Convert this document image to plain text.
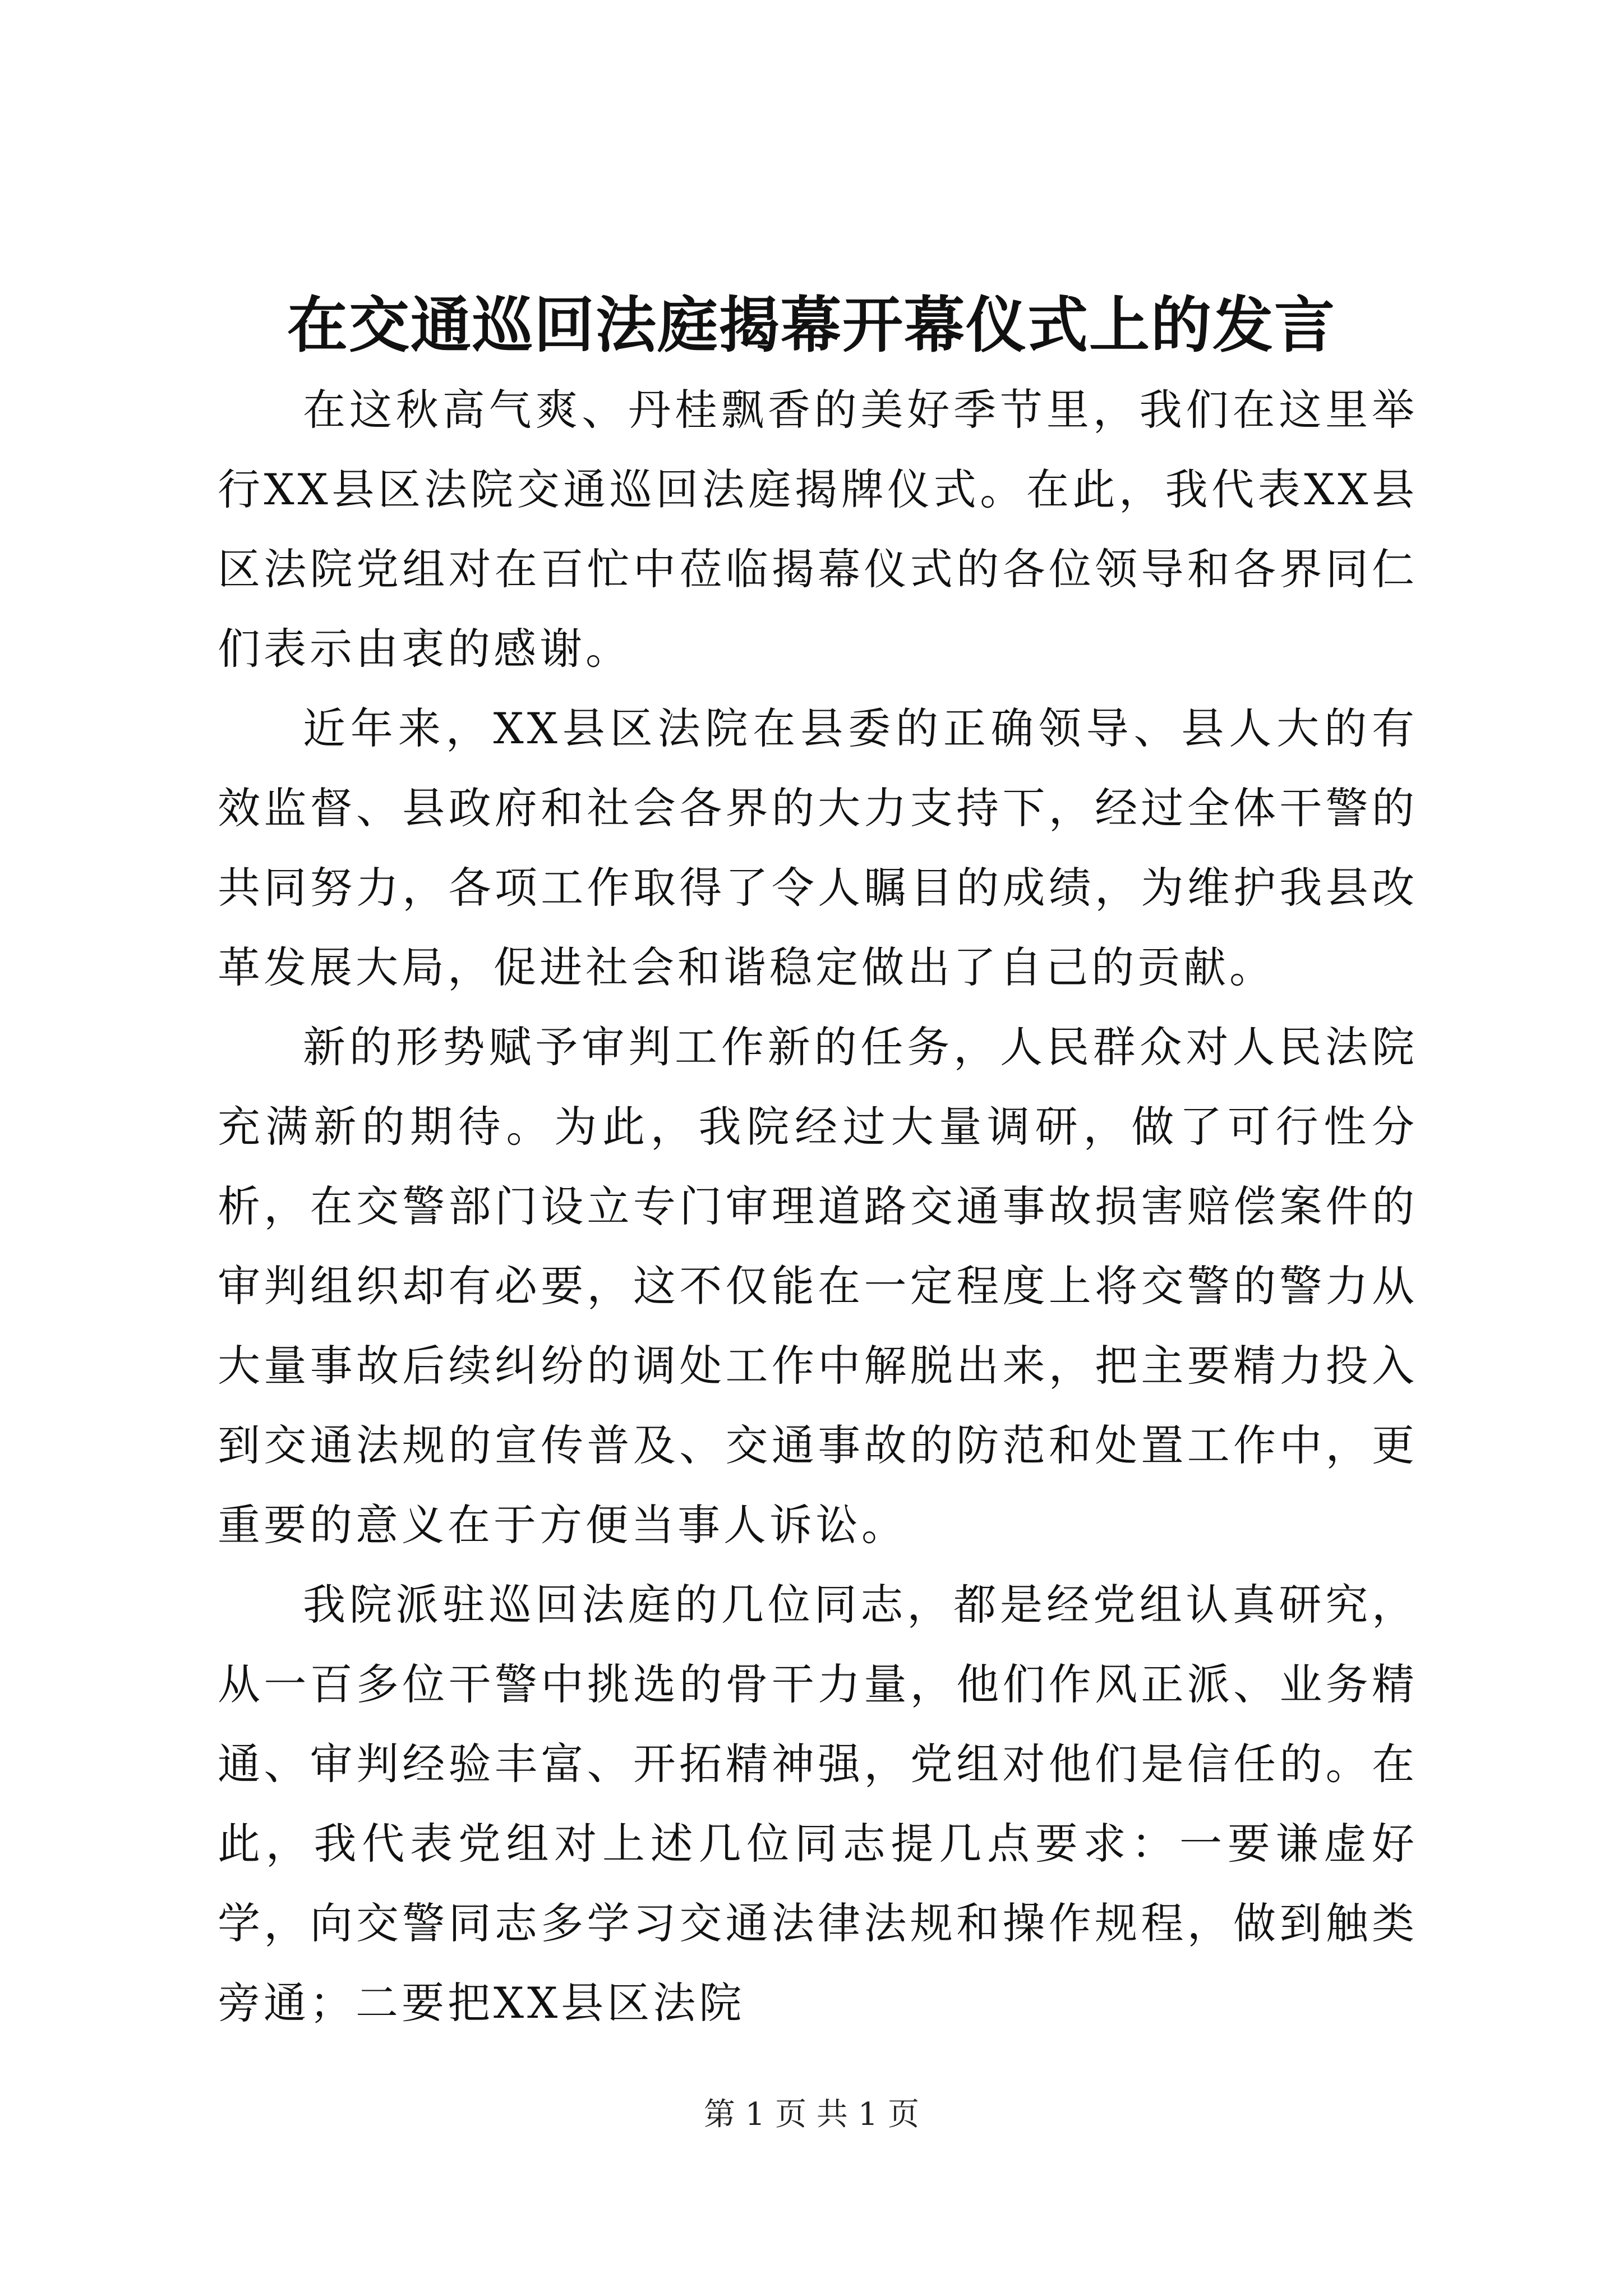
在交通巡回法庭揭幕开幕仪式上的发言

在这秋高气爽、丹桂飘香的美好季节里，我们在这里举行XX县区法院交通巡回法庭揭牌仪式。在此，我代表XX县区法院党组对在百忙中莅临揭幕仪式的各位领导和各界同仁们表示由衷的感谢。

近年来，XX县区法院在县委的正确领导、县人大的有效监督、县政府和社会各界的大力支持下，经过全体干警的共同努力，各项工作取得了令人瞩目的成绩，为维护我县改革发展大局，促进社会和谐稳定做出了自己的贡献。

新的形势赋予审判工作新的任务，人民群众对人民法院充满新的期待。为此，我院经过大量调研，做了可行性分析，在交警部门设立专门审理道路交通事故损害赔偿案件的审判组织却有必要，这不仅能在一定程度上将交警的警力从大量事故后续纠纷的调处工作中解脱出来，把主要精力投入到交通法规的宣传普及、交通事故的防范和处置工作中，更重要的意义在于方便当事人诉讼。

我院派驻巡回法庭的几位同志，都是经党组认真研究，从一百多位干警中挑选的骨干力量，他们作风正派、业务精通、审判经验丰富、开拓精神强，党组对他们是信任的。在此，我代表党组对上述几位同志提几点要求：一要谦虚好学，向交警同志多学习交通法律法规和操作规程，做到触类旁通；二要把XX县区法院

第 1 页 共 1 页
